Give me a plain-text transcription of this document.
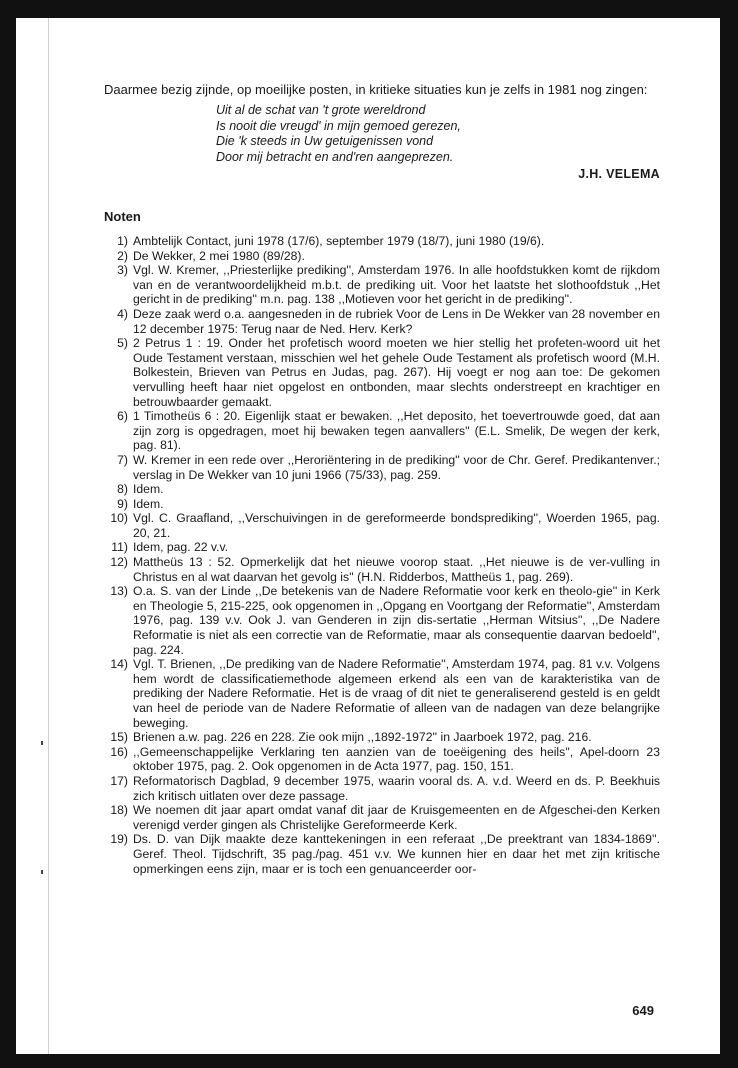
Daarmee bezig zijnde, op moeilijke posten, in kritieke situaties kun je zelfs in 1981 nog zingen:

Uit al de schat van 't grote wereldrond
Is nooit die vreugd' in mijn gemoed gerezen,
Die 'k steeds in Uw getuigenissen vond
Door mij betracht en and'ren aangeprezen.
J.H. VELEMA
Noten
1) Ambtelijk Contact, juni 1978 (17/6), september 1979 (18/7), juni 1980 (19/6).
2) De Wekker, 2 mei 1980 (89/28).
3) Vgl. W. Kremer, ,,Priesterlijke prediking'', Amsterdam 1976. In alle hoofdstukken komt de rijkdom van en de verantwoordelijkheid m.b.t. de prediking uit. Voor het laatste het slothoofdstuk ,,Het gericht in de prediking'' m.n. pag. 138 ,,Motieven voor het gericht in de prediking''.
4) Deze zaak werd o.a. aangesneden in de rubriek Voor de Lens in De Wekker van 28 november en 12 december 1975: Terug naar de Ned. Herv. Kerk?
5) 2 Petrus 1 : 19. Onder het profetisch woord moeten we hier stellig het profeten-woord uit het Oude Testament verstaan, misschien wel het gehele Oude Testament als profetisch woord (M.H. Bolkestein, Brieven van Petrus en Judas, pag. 267). Hij voegt er nog aan toe: De gekomen vervulling heeft haar niet opgelost en ontbonden, maar slechts onderstreept en krachtiger en betrouwbaarder gemaakt.
6) 1 Timotheüs 6 : 20. Eigenlijk staat er bewaken. ,,Het deposito, het toevertrouwde goed, dat aan zijn zorg is opgedragen, moet hij bewaken tegen aanvallers'' (E.L. Smelik, De wegen der kerk, pag. 81).
7) W. Kremer in een rede over ,,Heroriëntering in de prediking'' voor de Chr. Geref. Predikantenver.; verslag in De Wekker van 10 juni 1966 (75/33), pag. 259.
8) Idem.
9) Idem.
10) Vgl. C. Graafland, ,,Verschuivingen in de gereformeerde bondsprediking'', Woerden 1965, pag. 20, 21.
11) Idem, pag. 22 v.v.
12) Mattheüs 13 : 52. Opmerkelijk dat het nieuwe voorop staat. ,,Het nieuwe is de ver-vulling in Christus en al wat daarvan het gevolg is'' (H.N. Ridderbos, Mattheüs 1, pag. 269).
13) O.a. S. van der Linde ,,De betekenis van de Nadere Reformatie voor kerk en theolo-gie'' in Kerk en Theologie 5, 215-225, ook opgenomen in ,,Opgang en Voortgang der Reformatie'', Amsterdam 1976, pag. 139 v.v. Ook J. van Genderen in zijn dis-sertatie ,,Herman Witsius'', ,,De Nadere Reformatie is niet als een correctie van de Reformatie, maar als consequentie daarvan bedoeld'', pag. 224.
14) Vgl. T. Brienen, ,,De prediking van de Nadere Reformatie'', Amsterdam 1974, pag. 81 v.v. Volgens hem wordt de classificatiemethode algemeen erkend als een van de karakteristika van de prediking der Nadere Reformatie. Het is de vraag of dit niet te generaliserend gesteld is en geldt van heel de periode van de Nadere Reformatie of alleen van de nadagen van deze belangrijke beweging.
15) Brienen a.w. pag. 226 en 228. Zie ook mijn ,,1892-1972'' in Jaarboek 1972, pag. 216.
16) ,,Gemeenschappelijke Verklaring ten aanzien van de toeëigening des heils'', Apel-doorn 23 oktober 1975, pag. 2. Ook opgenomen in de Acta 1977, pag. 150, 151.
17) Reformatorisch Dagblad, 9 december 1975, waarin vooral ds. A. v.d. Weerd en ds. P. Beekhuis zich kritisch uitlaten over deze passage.
18) We noemen dit jaar apart omdat vanaf dit jaar de Kruisgemeenten en de Afgeschei-den Kerken verenigd verder gingen als Christelijke Gereformeerde Kerk.
19) Ds. D. van Dijk maakte deze kanttekeningen in een referaat ,,De preektrant van 1834-1869''. Geref. Theol. Tijdschrift, 35 pag./pag. 451 v.v. We kunnen hier en daar het met zijn kritische opmerkingen eens zijn, maar er is toch een genuanceerder oor-
649
